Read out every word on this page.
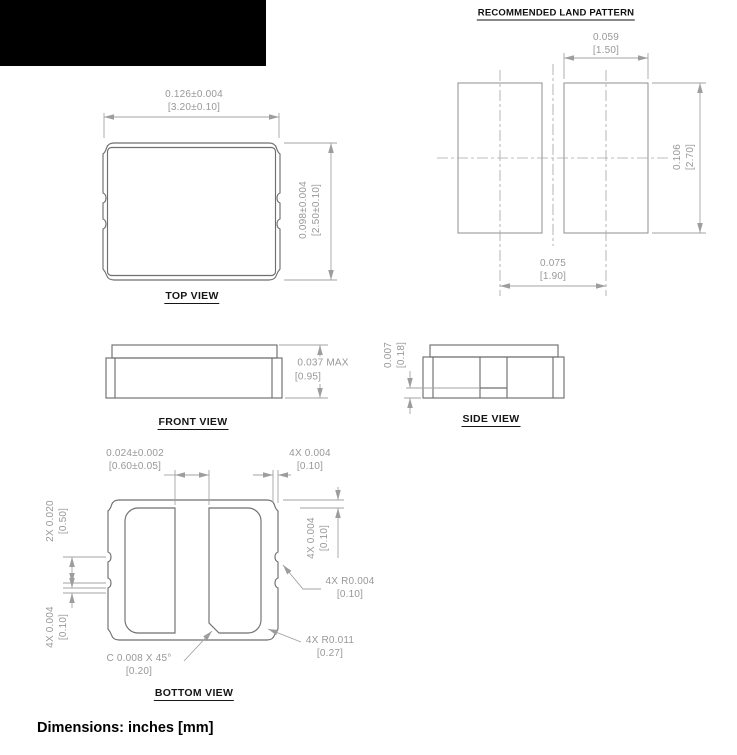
RECOMMENDED LAND PATTERN
0.126±0.004
[3.20±0.10]
0.098±0.004 [2.50±0.10]
TOP VIEW
0.037 MAX
[0.95]
FRONT VIEW
0.007 [0.18]
SIDE VIEW
0.024±0.002
[0.60±0.05]
4X 0.004
[0.10]
4X 0.004 [0.10]
2X 0.020 [0.50]
4X 0.004 [0.10]
4X R0.004
[0.10]
4X R0.011
[0.27]
C 0.008 X 45°
[0.20]
BOTTOM VIEW
0.059
[1.50]
0.106 [2.70]
0.075
[1.90]
Dimensions: inches [mm]
